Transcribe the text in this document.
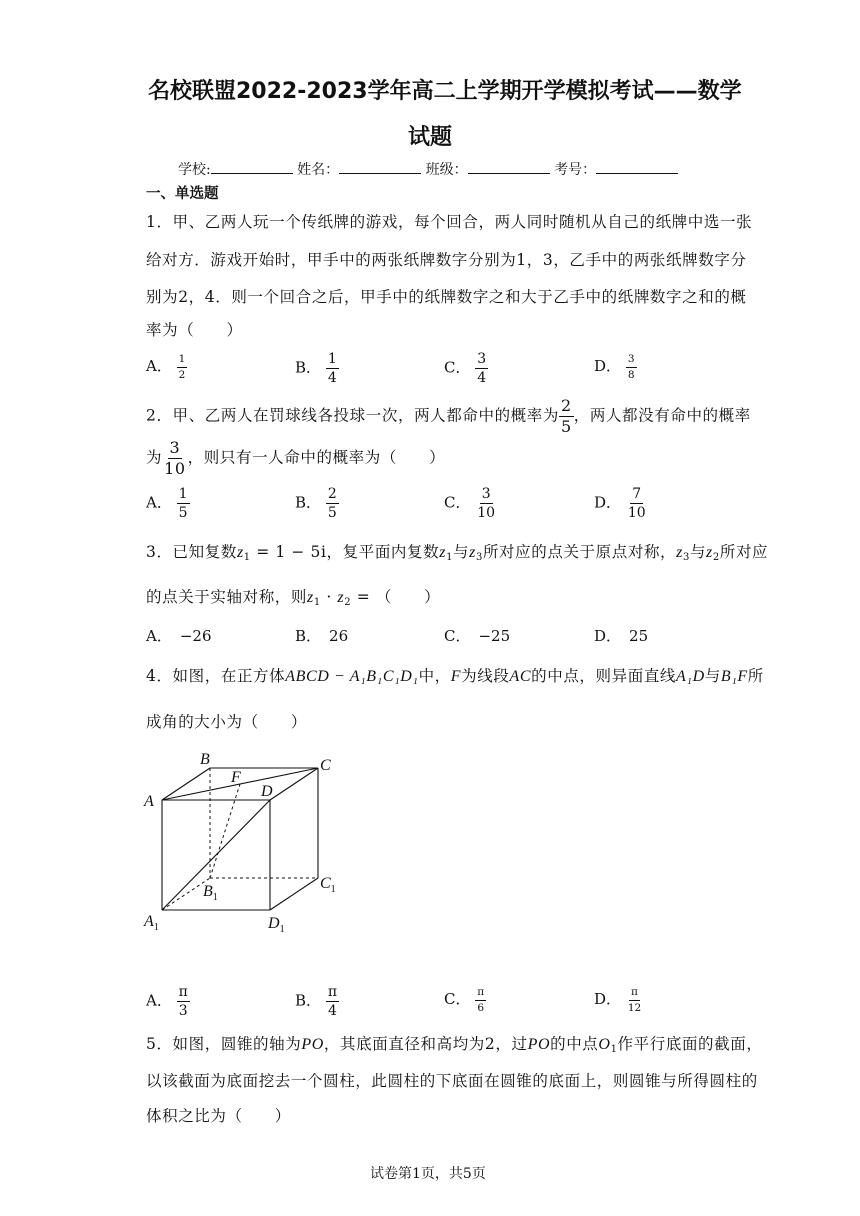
名校联盟2022-2023学年高二上学期开学模拟考试——数学
试题
学校:	姓名：	班级：	考号：
一、单选题
1．甲、乙两人玩一个传纸牌的游戏，每个回合，两人同时随机从自己的纸牌中选一张
给对方．游戏开始时，甲手中的两张纸牌数字分别为1，3，乙手中的两张纸牌数字分
别为2，4．则一个回合之后，甲手中的纸牌数字之和大于乙手中的纸牌数字之和的概
率为（　　）
A． $\frac{1}{2}$	B． $\frac{1}{4}$	C． $\frac{3}{4}$	D． $\frac{3}{8}$
2．甲、乙两人在罚球线各投球一次，两人都命中的概率为 $\frac{2}{5}$ ，两人都没有命中的概率
为 $\frac{3}{10}$ ，则只有一人命中的概率为（　　）
A． $\frac{1}{5}$	B． $\frac{2}{5}$	C． $\frac{3}{10}$	D． $\frac{7}{10}$
3．已知复数$z_1 = 1 - 5i$，复平面内复数$z_1$与$z_3$所对应的点关于原点对称，$z_3$与$z_2$所对应
的点关于实轴对称，则$z_1 \cdot z_2$ = （　　）
A． −26	B． 26	C． −25	D． 25
4．如图，在正方体ABCD − A₁B₁C₁D₁中，F为线段AC的中点，则异面直线A₁D与B₁F所
成角的大小为（　　）
A
B	C
D
F
$B_1$
$C_1$
$A_1$	$D_1$
A． $\frac{\pi}{3}$	B． $\frac{\pi}{4}$	C． $\frac{\pi}{6}$	D． $\frac{\pi}{12}$
5．如图，圆锥的轴为PO，其底面直径和高均为2，过PO的中点$O_1$作平行底面的截面，
以该截面为底面挖去一个圆柱，此圆柱的下底面在圆锥的底面上，则圆锥与所得圆柱的
体积之比为（　　）
试卷第1页，共5页
